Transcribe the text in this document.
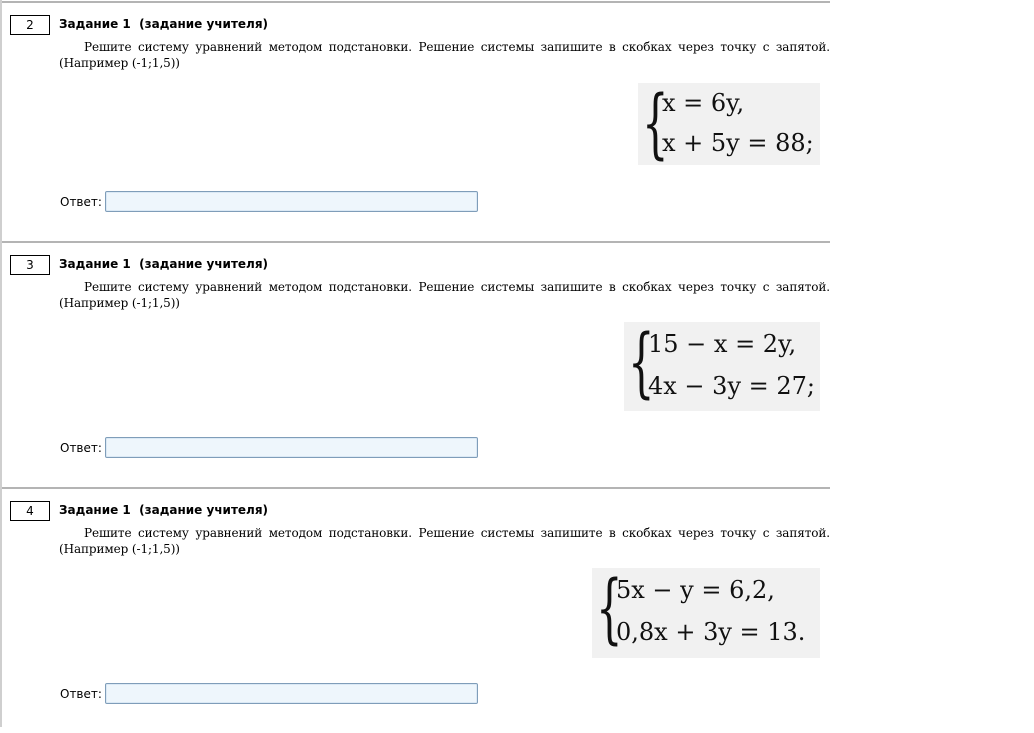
2	Задание 1  (задание учителя)
Решите систему уравнений методом подстановки. Решение системы запишите в скобках через точку с запятой. (Например (-1;1,5))
{
x = 6y,
x + 5y = 88;
Ответ:
3	Задание 1  (задание учителя)
Решите систему уравнений методом подстановки. Решение системы запишите в скобках через точку с запятой. (Например (-1;1,5))
{
15 − x = 2y,
4x − 3y = 27;
Ответ:
4	Задание 1  (задание учителя)
Решите систему уравнений методом подстановки. Решение системы запишите в скобках через точку с запятой. (Например (-1;1,5))
{
5x − y = 6,2,
0,8x + 3y = 13.
Ответ:
